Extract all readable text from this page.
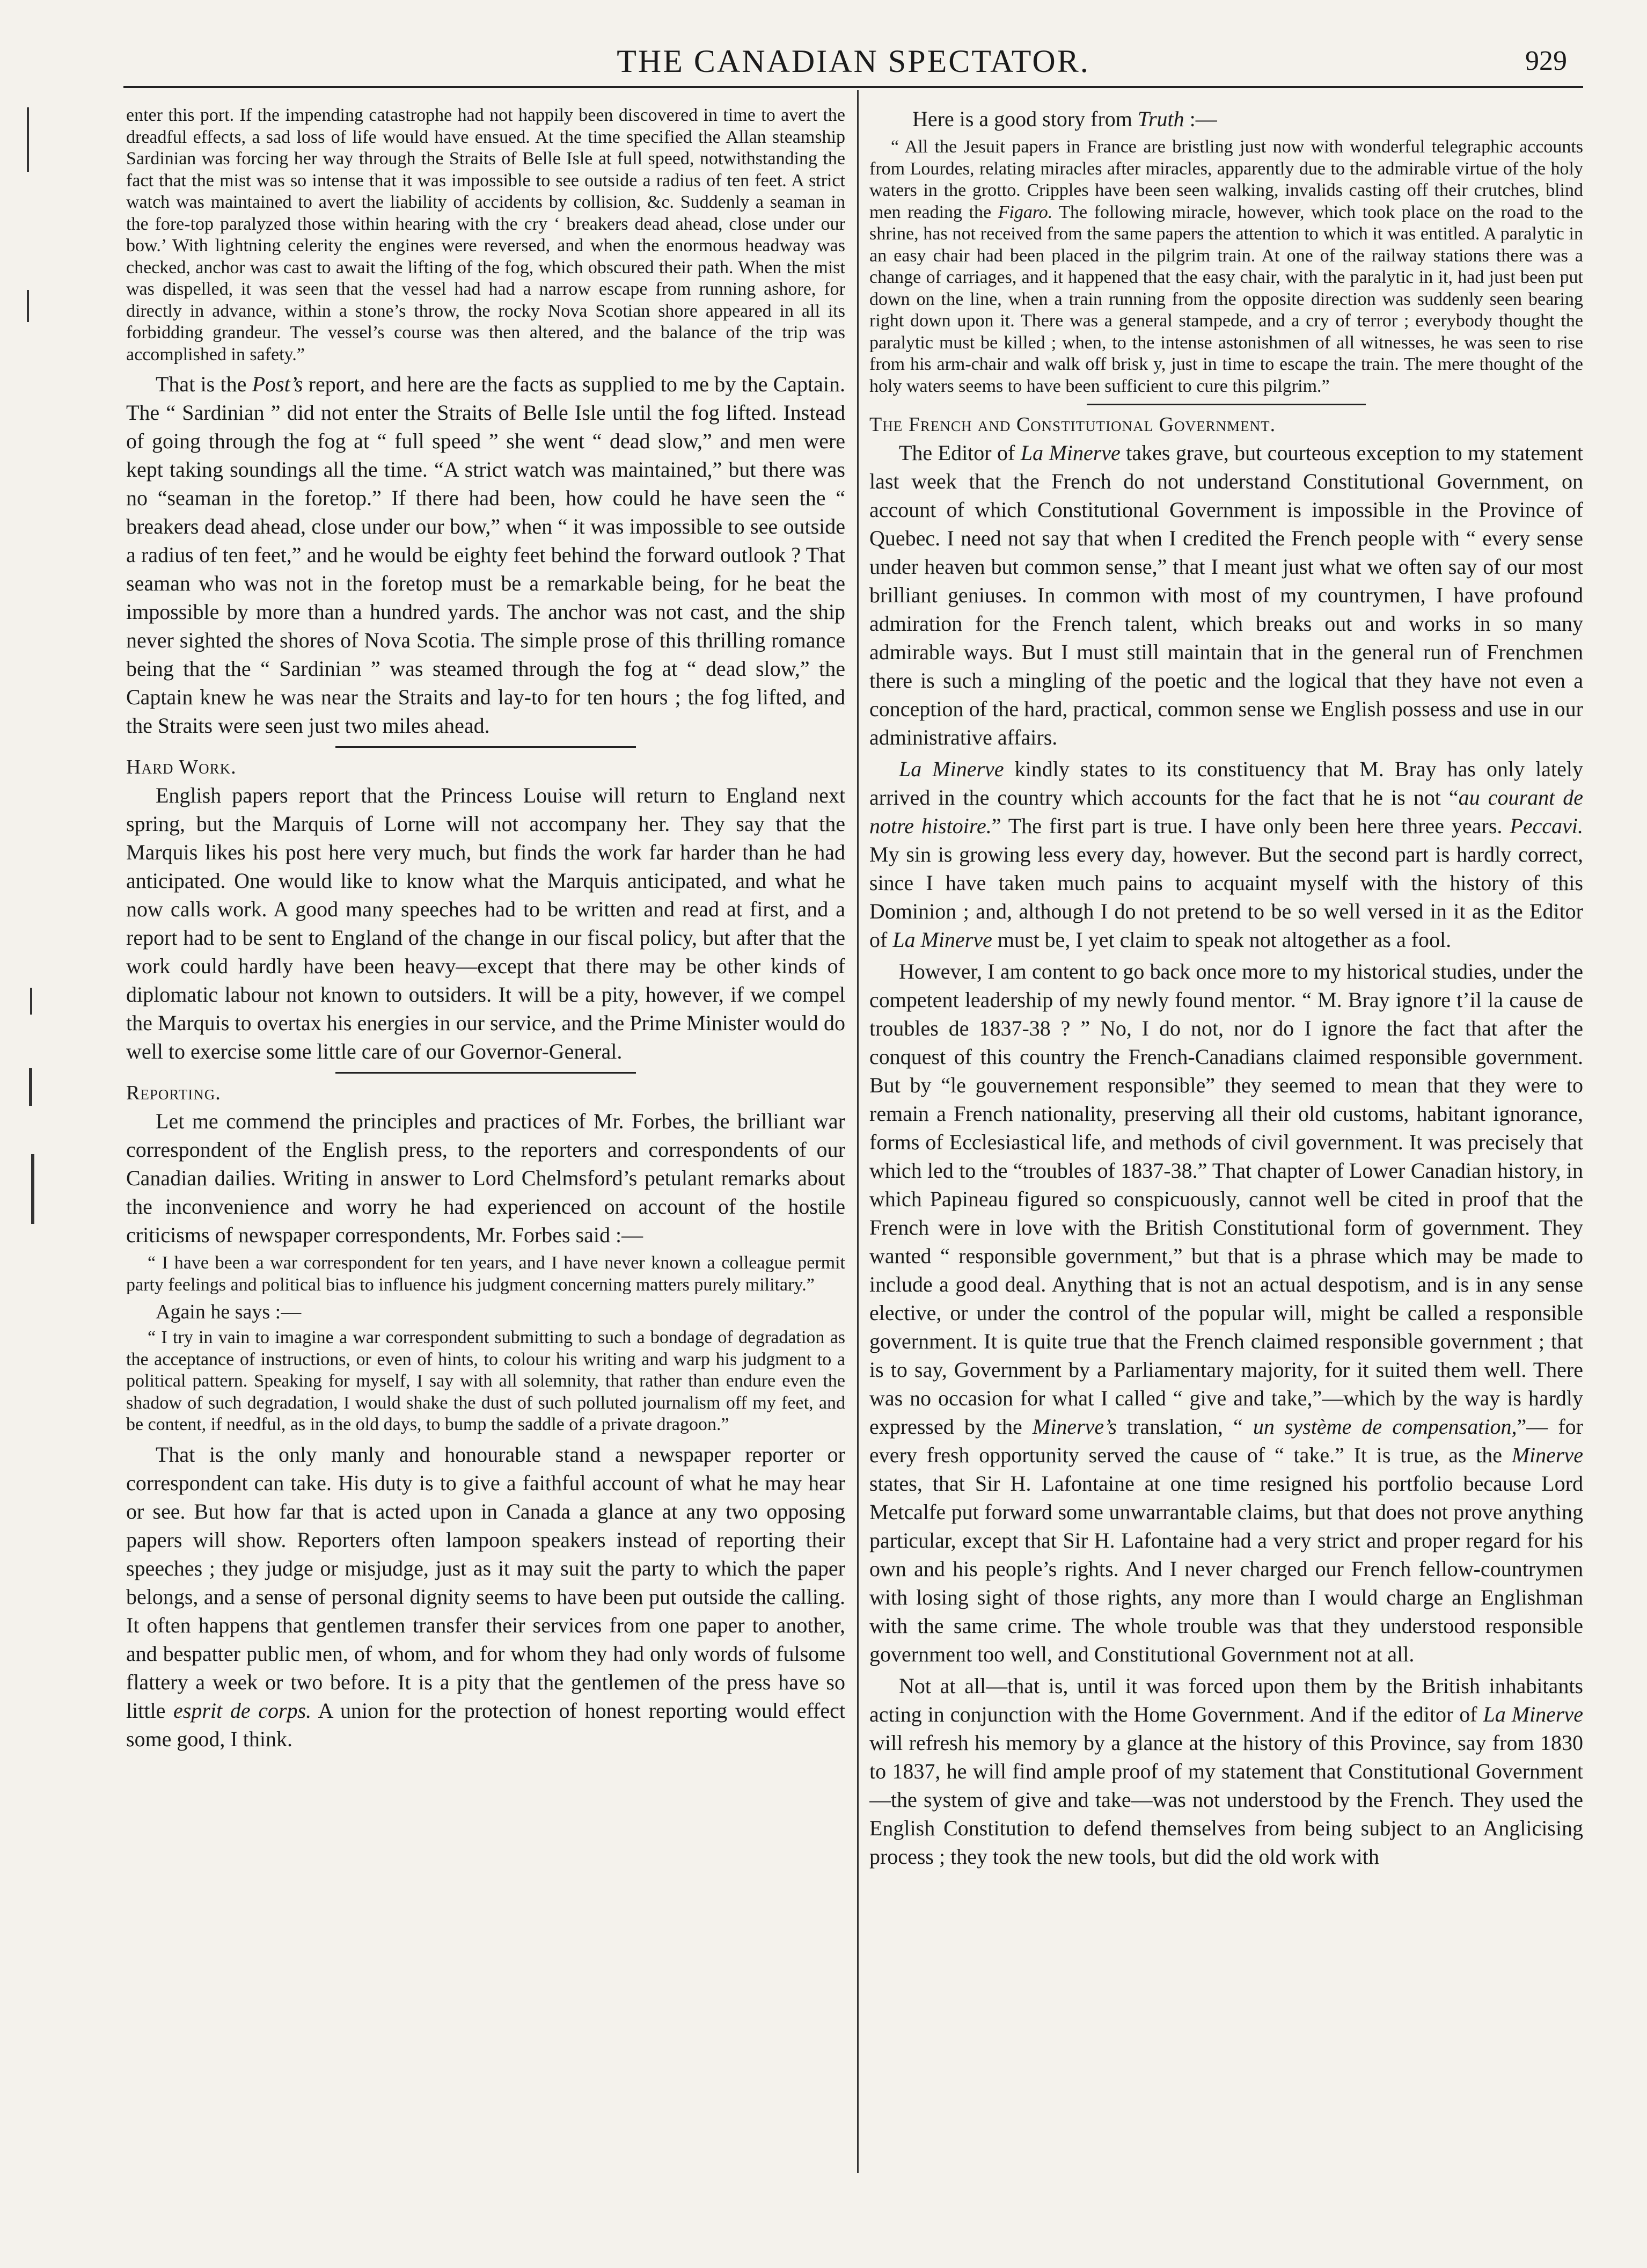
THE CANADIAN SPECTATOR.	929

enter this port. If the impending catastrophe had not happily been discovered in time to avert the dreadful effects, a sad loss of life would have ensued. At the time specified the Allan steamship Sardinian was forcing her way through the Straits of Belle Isle at full speed, notwithstanding the fact that the mist was so intense that it was impossible to see outside a radius of ten feet. A strict watch was maintained to avert the liability of accidents by collision, &c. Suddenly a seaman in the fore-top paralyzed those within hearing with the cry ‘ breakers dead ahead, close under our bow.’ With lightning celerity the engines were reversed, and when the enormous headway was checked, anchor was cast to await the lifting of the fog, which obscured their path. When the mist was dispelled, it was seen that the vessel had had a narrow escape from running ashore, for directly in advance, within a stone’s throw, the rocky Nova Scotian shore appeared in all its forbidding grandeur. The vessel’s course was then altered, and the balance of the trip was accomplished in safety.”

That is the Post’s report, and here are the facts as supplied to me by the Captain. The “ Sardinian ” did not enter the Straits of Belle Isle until the fog lifted. Instead of going through the fog at “ full speed ” she went “ dead slow,” and men were kept taking soundings all the time. “A strict watch was maintained,” but there was no “seaman in the foretop.” If there had been, how could he have seen the “ breakers dead ahead, close under our bow,” when “ it was impossible to see outside a radius of ten feet,” and he would be eighty feet behind the forward outlook ? That seaman who was not in the foretop must be a remarkable being, for he beat the impossible by more than a hundred yards. The anchor was not cast, and the ship never sighted the shores of Nova Scotia. The simple prose of this thrilling romance being that the “ Sardinian ” was steamed through the fog at “ dead slow,” the Captain knew he was near the Straits and lay-to for ten hours ; the fog lifted, and the Straits were seen just two miles ahead.

Hard Work.

English papers report that the Princess Louise will return to England next spring, but the Marquis of Lorne will not accompany her. They say that the Marquis likes his post here very much, but finds the work far harder than he had anticipated. One would like to know what the Marquis anticipated, and what he now calls work. A good many speeches had to be written and read at first, and a report had to be sent to England of the change in our fiscal policy, but after that the work could hardly have been heavy—except that there may be other kinds of diplomatic labour not known to outsiders. It will be a pity, however, if we compel the Marquis to overtax his energies in our service, and the Prime Minister would do well to exercise some little care of our Governor-General.

Reporting.

Let me commend the principles and practices of Mr. Forbes, the brilliant war correspondent of the English press, to the reporters and correspondents of our Canadian dailies. Writing in answer to Lord Chelmsford’s petulant remarks about the inconvenience and worry he had experienced on account of the hostile criticisms of newspaper correspondents, Mr. Forbes said :—

“ I have been a war correspondent for ten years, and I have never known a colleague permit party feelings and political bias to influence his judgment concerning matters purely military.”

Again he says :—

“ I try in vain to imagine a war correspondent submitting to such a bondage of degradation as the acceptance of instructions, or even of hints, to colour his writing and warp his judgment to a political pattern. Speaking for myself, I say with all solemnity, that rather than endure even the shadow of such degradation, I would shake the dust of such polluted journalism off my feet, and be content, if needful, as in the old days, to bump the saddle of a private dragoon.”

That is the only manly and honourable stand a newspaper reporter or correspondent can take. His duty is to give a faithful account of what he may hear or see. But how far that is acted upon in Canada a glance at any two opposing papers will show. Reporters often lampoon speakers instead of reporting their speeches ; they judge or misjudge, just as it may suit the party to which the paper belongs, and a sense of personal dignity seems to have been put outside the calling. It often happens that gentlemen transfer their services from one paper to another, and bespatter public men, of whom, and for whom they had only words of fulsome flattery a week or two before. It is a pity that the gentlemen of the press have so little esprit de corps. A union for the protection of honest reporting would effect some good, I think.

Here is a good story from Truth :—

“ All the Jesuit papers in France are bristling just now with wonderful telegraphic accounts from Lourdes, relating miracles after miracles, apparently due to the admirable virtue of the holy waters in the grotto. Cripples have been seen walking, invalids casting off their crutches, blind men reading the Figaro. The following miracle, however, which took place on the road to the shrine, has not received from the same papers the attention to which it was entitled. A paralytic in an easy chair had been placed in the pilgrim train. At one of the railway stations there was a change of carriages, and it happened that the easy chair, with the paralytic in it, had just been put down on the line, when a train running from the opposite direction was suddenly seen bearing right down upon it. There was a general stampede, and a cry of terror ; everybody thought the paralytic must be killed ; when, to the intense astonishmen of all witnesses, he was seen to rise from his arm-chair and walk off brisk y, just in time to escape the train. The mere thought of the holy waters seems to have been sufficient to cure this pilgrim.”

The French and Constitutional Government.

The Editor of La Minerve takes grave, but courteous exception to my statement last week that the French do not understand Constitutional Government, on account of which Constitutional Government is impossible in the Province of Quebec. I need not say that when I credited the French people with “ every sense under heaven but common sense,” that I meant just what we often say of our most brilliant geniuses. In common with most of my countrymen, I have profound admiration for the French talent, which breaks out and works in so many admirable ways. But I must still maintain that in the general run of Frenchmen there is such a mingling of the poetic and the logical that they have not even a conception of the hard, practical, common sense we English possess and use in our administrative affairs.

La Minerve kindly states to its constituency that M. Bray has only lately arrived in the country which accounts for the fact that he is not “au courant de notre histoire.” The first part is true. I have only been here three years. Peccavi. My sin is growing less every day, however. But the second part is hardly correct, since I have taken much pains to acquaint myself with the history of this Dominion ; and, although I do not pretend to be so well versed in it as the Editor of La Minerve must be, I yet claim to speak not altogether as a fool.

However, I am content to go back once more to my historical studies, under the competent leadership of my newly found mentor. “ M. Bray ignore t’il la cause de troubles de 1837-38 ? ” No, I do not, nor do I ignore the fact that after the conquest of this country the French-Canadians claimed responsible government. But by “le gouvernement responsible” they seemed to mean that they were to remain a French nationality, preserving all their old customs, habitant ignorance, forms of Ecclesiastical life, and methods of civil government. It was precisely that which led to the “troubles of 1837-38.” That chapter of Lower Canadian history, in which Papineau figured so conspicuously, cannot well be cited in proof that the French were in love with the British Constitutional form of government. They wanted “ responsible government,” but that is a phrase which may be made to include a good deal. Anything that is not an actual despotism, and is in any sense elective, or under the control of the popular will, might be called a responsible government. It is quite true that the French claimed responsible government ; that is to say, Government by a Parliamentary majority, for it suited them well. There was no occasion for what I called “ give and take,”—which by the way is hardly expressed by the Minerve’s translation, “ un système de compensation,”— for every fresh opportunity served the cause of “ take.” It is true, as the Minerve states, that Sir H. Lafontaine at one time resigned his portfolio because Lord Metcalfe put forward some unwarrantable claims, but that does not prove anything particular, except that Sir H. Lafontaine had a very strict and proper regard for his own and his people’s rights. And I never charged our French fellow-countrymen with losing sight of those rights, any more than I would charge an Englishman with the same crime. The whole trouble was that they understood responsible government too well, and Constitutional Government not at all.

Not at all—that is, until it was forced upon them by the British inhabitants acting in conjunction with the Home Government. And if the editor of La Minerve will refresh his memory by a glance at the history of this Province, say from 1830 to 1837, he will find ample proof of my statement that Constitutional Government—the system of give and take—was not understood by the French. They used the English Constitution to defend themselves from being subject to an Anglicising process ; they took the new tools, but did the old work with
